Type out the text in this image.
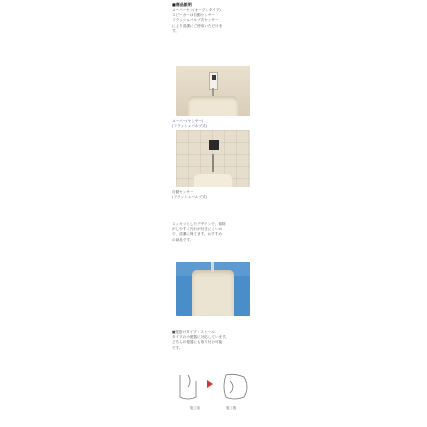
■商品説明
ユーバーセン(オープンタイプ)
スピーカーは自動センサー
フラッシュバルブ式センサー
により清潔にご使用いただけま
す。
ユーバー(センサー)
(フラッシュバルブ式)
自動センサー
(フラッシュバルブ式)
スッキリとしたデザインで、掃除
がしやすく汚れが付きにくいの
で、清潔に保てます。おすすめ
の商品です。
■壁掛けタイプ・ストール
タイプの小便器に対応しています。
どちらの便器にも取り付け可能
です。
施工前	施工後
